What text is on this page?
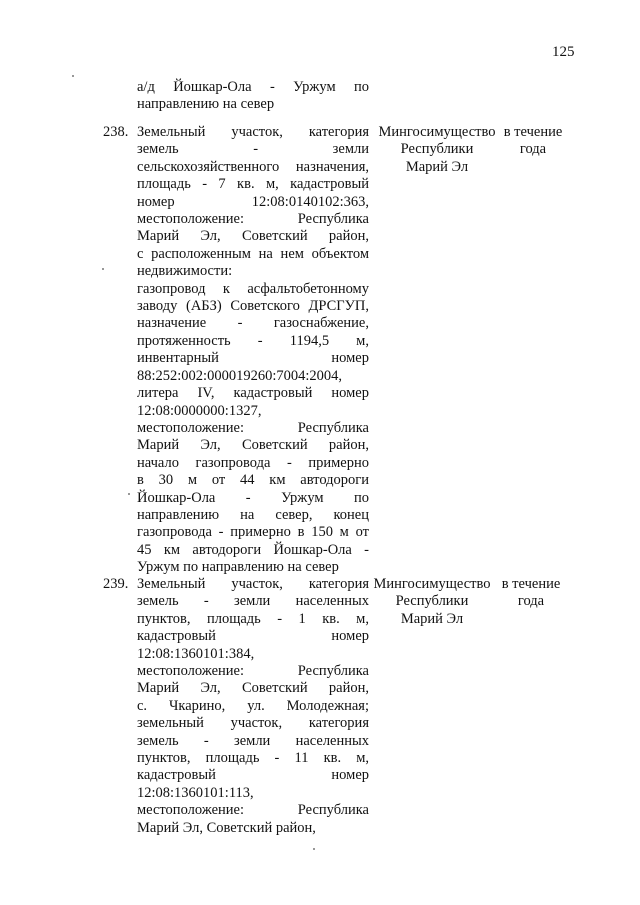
125
а/д Йошкар-Ола - Уржум по
направлению на север
238. Земельный участок, категория
земель - земли
сельскохозяйственного назначения,
площадь - 7 кв. м, кадастровый
номер 12:08:0140102:363,
местоположение: Республика
Марий Эл, Советский район,
с расположенным на нем объектом
недвижимости:
газопровод к асфальтобетонному
заводу (АБЗ) Советского ДРСГУП,
назначение - газоснабжение,
протяженность - 1194,5 м,
инвентарный номер
88:252:002:000019260:7004:2004,
литера IV, кадастровый номер
12:08:0000000:1327,
местоположение: Республика
Марий Эл, Советский район,
начало газопровода - примерно
в 30 м от 44 км автодороги
Йошкар-Ола - Уржум по
направлению на север, конец
газопровода - примерно в 150 м от
45 км автодороги Йошкар-Ола -
Уржум по направлению на север
Мингосимущество
Республики
Марий Эл
в течение
года
239. Земельный участок, категория
земель - земли населенных
пунктов, площадь - 1 кв. м,
кадастровый номер
12:08:1360101:384,
местоположение: Республика
Марий Эл, Советский район,
с. Чкарино, ул. Молодежная;
земельный участок, категория
земель - земли населенных
пунктов, площадь - 11 кв. м,
кадастровый номер
12:08:1360101:113,
местоположение: Республика
Марий Эл, Советский район,
Мингосимущество
Республики
Марий Эл
в течение
года
